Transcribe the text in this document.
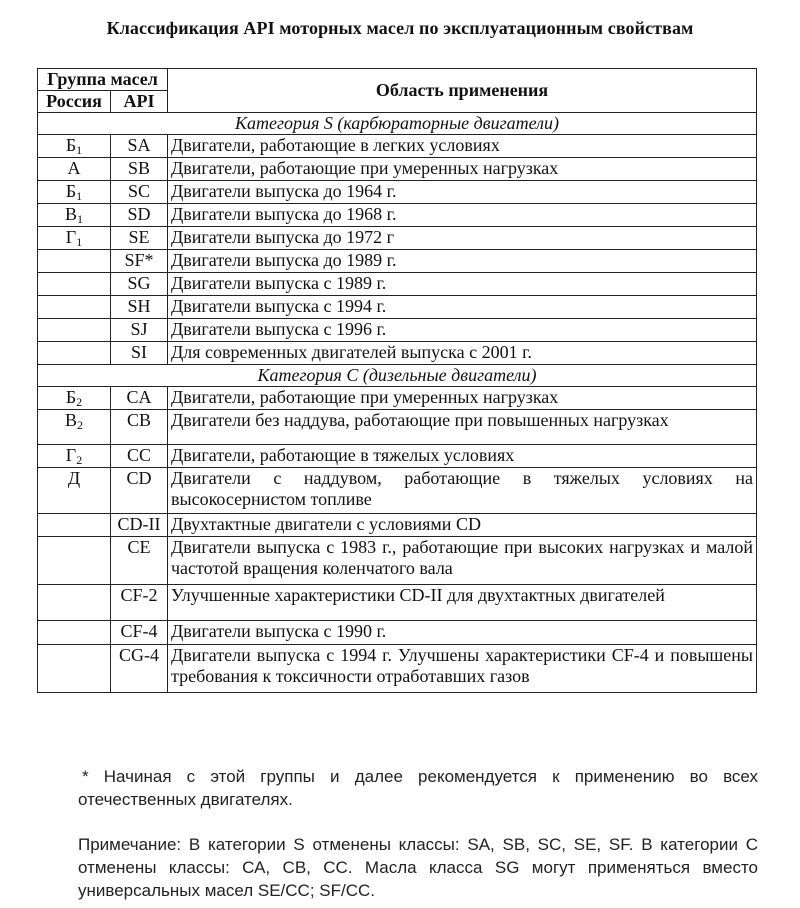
Классификация API моторных масел по эксплуатационным свойствам
Группа масел		Область применения
Россия	API	
Категория S (карбюраторные двигатели)		
$Б_1$	SA	Двигатели, работающие в легких условиях
А	SB	Двигатели, работающие при умеренных нагрузках
$Б_1$	SC	Двигатели выпуска до 1964 г.
$В_1$	SD	Двигатели выпуска до 1968 г.
$Г_1$	SE	Двигатели выпуска до 1972 г
	SF*	Двигатели выпуска до 1989 г.
	SG	Двигатели выпуска с 1989 г.
	SH	Двигатели выпуска с 1994 г.
	SJ	Двигатели выпуска с 1996 г.
	SI	Для современных двигателей выпуска с 2001 г.
Категория C (дизельные двигатели)		
$Б_2$	CA	Двигатели, работающие при умеренных нагрузках
$В_2$	CB	Двигатели без наддува, работающие при повышенных нагрузках
$Г_2$	CC	Двигатели, работающие в тяжелых условиях
Д	CD	Двигатели с наддувом, работающие в тяжелых условиях на высокосернистом топливе
	CD-II	Двухтактные двигатели с условиями CD
	CE	Двигатели выпуска с 1983 г., работающие при высоких нагрузках и малой частотой вращения коленчатого вала
	CF-2	Улучшенные характеристики CD-II для двухтактных двигателей
	CF-4	Двигатели выпуска с 1990 г.
	CG-4	Двигатели выпуска с 1994 г. Улучшены характеристики CF-4 и повышены требования к токсичности отработавших газов
* Начиная с этой группы и далее рекомендуется к применению во всех отечественных двигателях.
Примечание: В категории S отменены классы: SA, SB, SC, SE, SF. В категории С отменены классы: СА, СВ, СС. Масла класса SG могут применяться вместо универсальных масел SE/CC; SF/CC.
